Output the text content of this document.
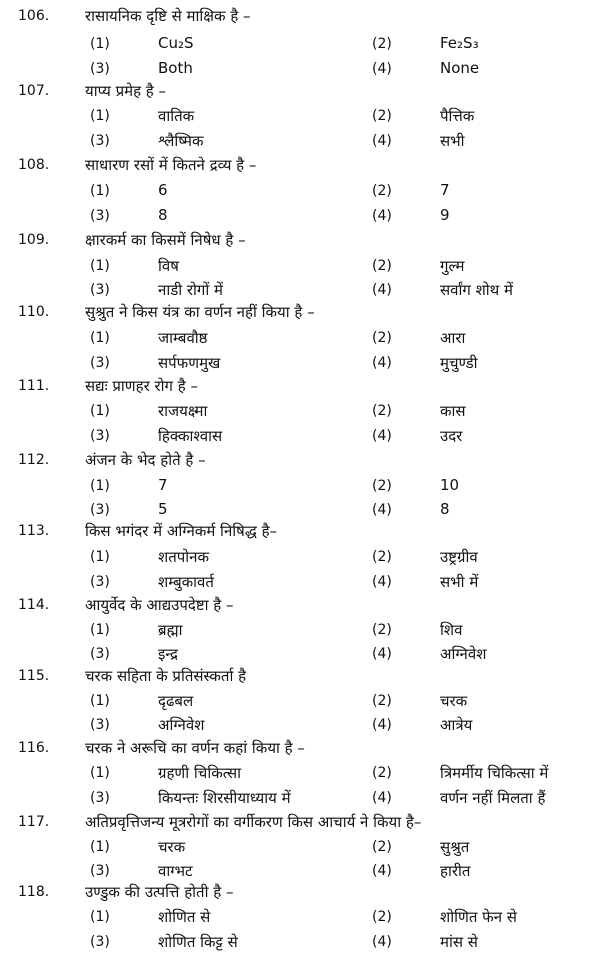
106. रासायनिक दृष्टि से माक्षिक है –
(1)	Cu₂S	(2)	Fe₂S₃
(3)	Both	(4)	None
107. याप्य प्रमेह है –
(1)	वातिक	(2)	पैत्तिक
(3)	श्लैष्मिक	(4)	सभी
108. साधारण रसों में कितने द्रव्य है –
(1)	6	(2)	7
(3)	8	(4)	9
109. क्षारकर्म का किसमें निषेध है –
(1)	विष	(2)	गुल्म
(3)	नाडी रोगों में	(4)	सर्वांग शोथ में
110. सुश्रुत ने किस यंत्र का वर्णन नहीं किया है –
(1)	जाम्बवौष्ठ	(2)	आरा
(3)	सर्पफणमुख	(4)	मुचुण्डी
111. सद्यः प्राणहर रोग है –
(1)	राजयक्ष्मा	(2)	कास
(3)	हिक्काश्वास	(4)	उदर
112. अंजन के भेद होते है –
(1)	7	(2)	10
(3)	5	(4)	8
113. किस भगंदर में अग्निकर्म निषिद्ध है–
(1)	शतपोनक	(2)	उष्ट्रग्रीव
(3)	शम्बुकावर्त	(4)	सभी में
114. आयुर्वेद के आद्यउपदेष्टा है –
(1)	ब्रह्मा	(2)	शिव
(3)	इन्द्र	(4)	अग्निवेश
115. चरक सहिता के प्रतिसंस्कर्ता है
(1)	दृढबल	(2)	चरक
(3)	अग्निवेश	(4)	आत्रेय
116. चरक ने अरूचि का वर्णन कहां किया है –
(1)	ग्रहणी चिकित्सा	(2)	त्रिमर्मीय चिकित्सा में
(3)	कियन्तः शिरसीयाध्याय में	(4)	वर्णन नहीं मिलता हैं
117. अतिप्रवृत्तिजन्य मूत्ररोगों का वर्गीकरण किस आचार्य ने किया है–
(1)	चरक	(2)	सुश्रुत
(3)	वाग्भट	(4)	हारीत
118. उण्डुक की उत्पत्ति होती है –
(1)	शोणित से	(2)	शोणित फेन से
(3)	शोणित किट्ट से	(4)	मांस से
